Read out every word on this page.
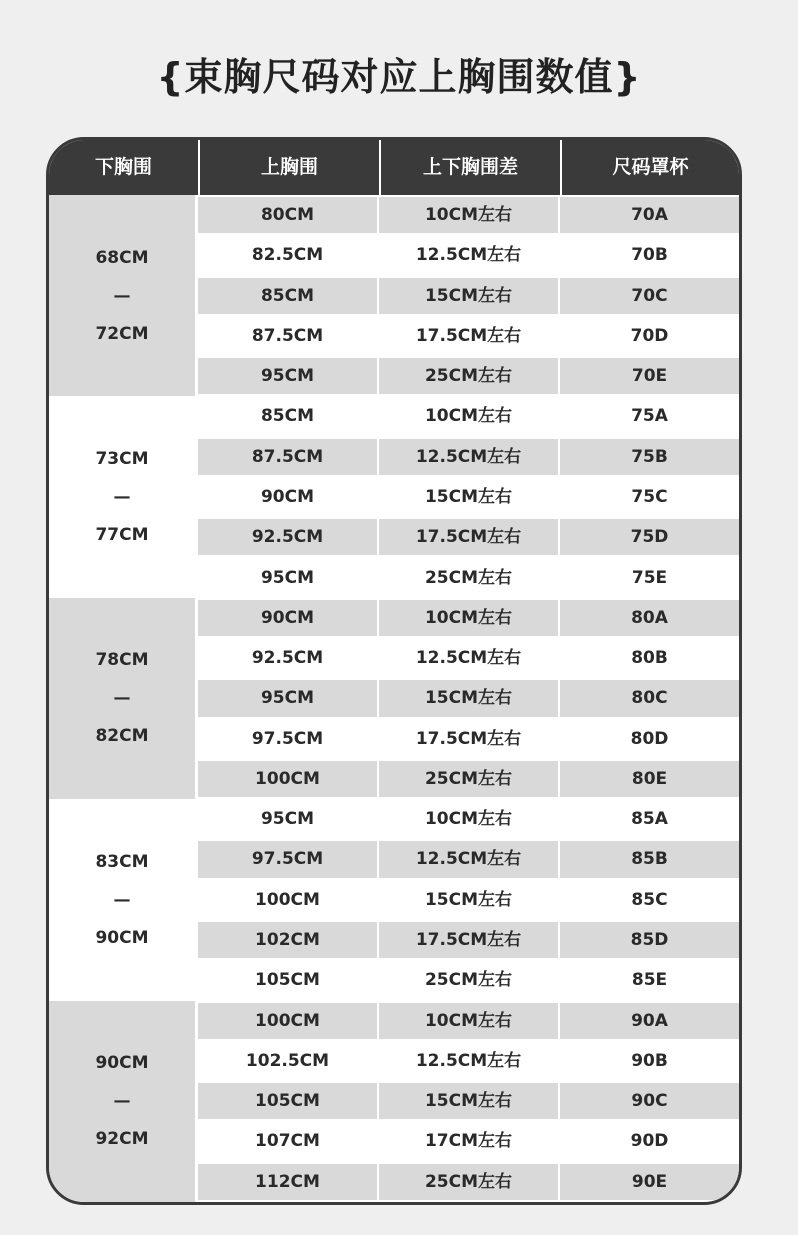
{束胸尺码对应上胸围数值}
下胸围	上胸围	上下胸围差	尺码罩杯
68CM
—
72CM
80CM	10CM左右	70A
82.5CM	12.5CM左右	70B
85CM	15CM左右	70C
87.5CM	17.5CM左右	70D
95CM	25CM左右	70E
73CM
—
77CM
85CM	10CM左右	75A
87.5CM	12.5CM左右	75B
90CM	15CM左右	75C
92.5CM	17.5CM左右	75D
95CM	25CM左右	75E
78CM
—
82CM
90CM	10CM左右	80A
92.5CM	12.5CM左右	80B
95CM	15CM左右	80C
97.5CM	17.5CM左右	80D
100CM	25CM左右	80E
83CM
—
90CM
95CM	10CM左右	85A
97.5CM	12.5CM左右	85B
100CM	15CM左右	85C
102CM	17.5CM左右	85D
105CM	25CM左右	85E
90CM
—
92CM
100CM	10CM左右	90A
102.5CM	12.5CM左右	90B
105CM	15CM左右	90C
107CM	17CM左右	90D
112CM	25CM左右	90E
